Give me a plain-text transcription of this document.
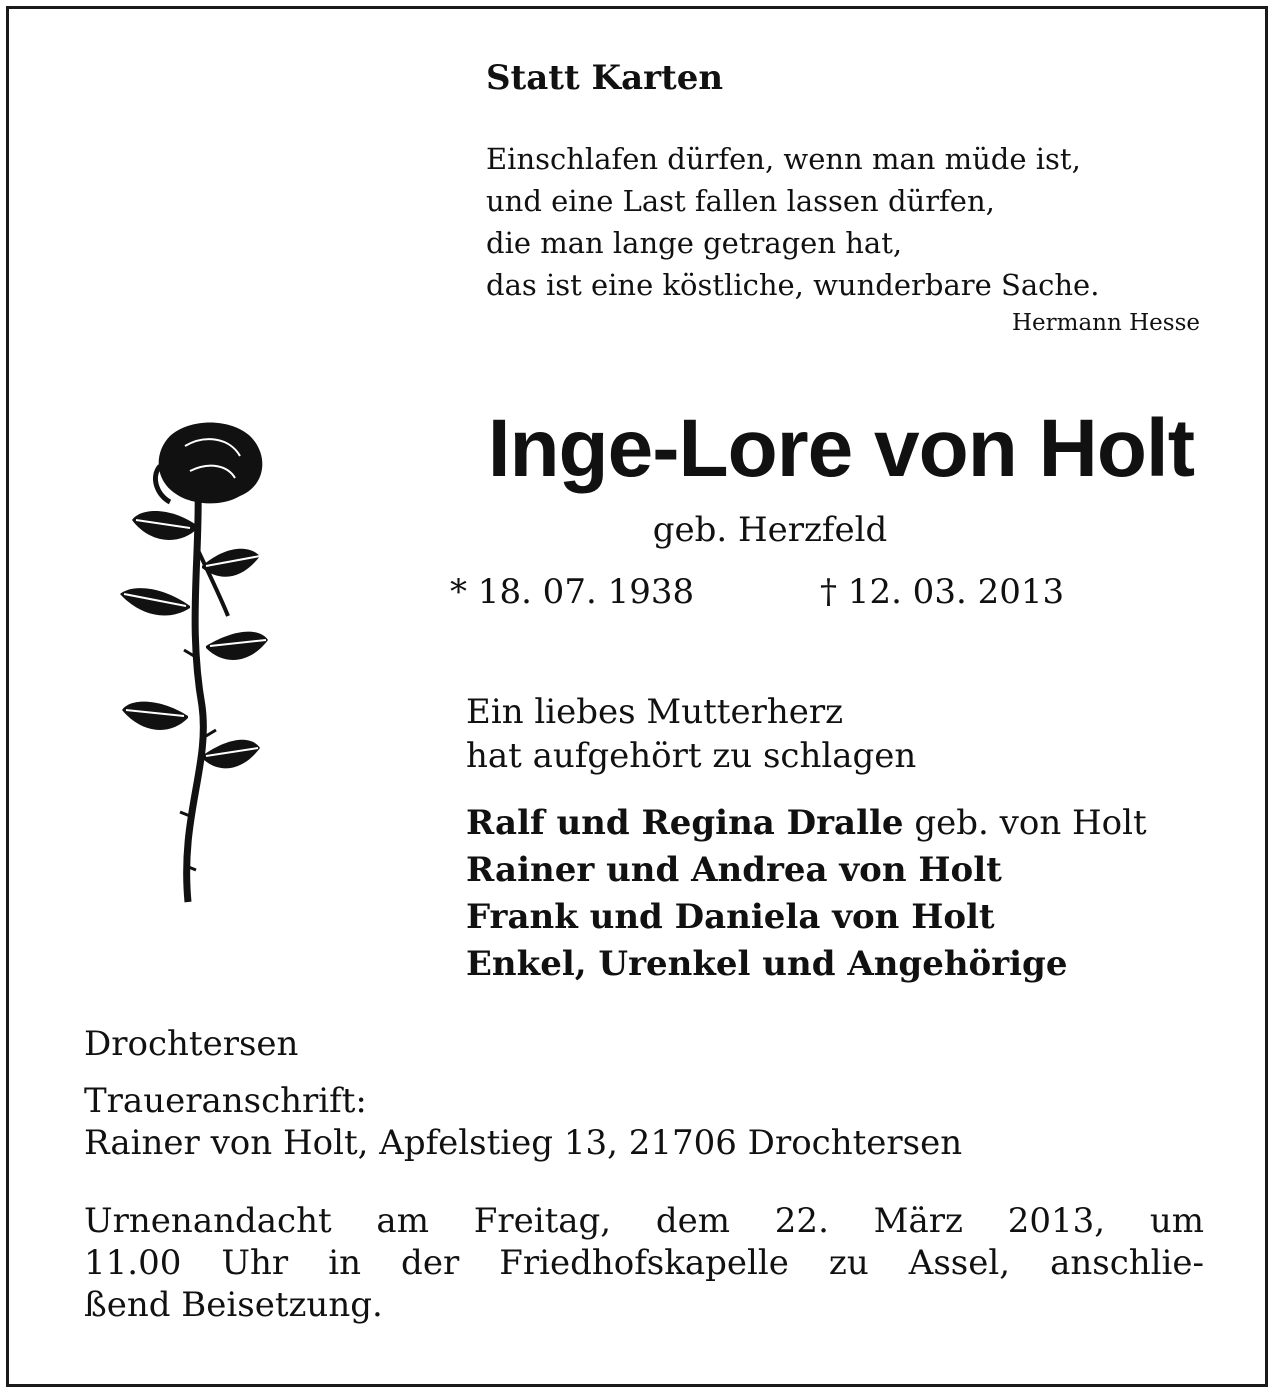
Statt Karten
Einschlafen dürfen, wenn man müde ist,
und eine Last fallen lassen dürfen,
die man lange getragen hat,
das ist eine köstliche, wunderbare Sache.
Hermann Hesse
Inge-Lore von Holt
geb. Herzfeld
* 18. 07. 1938	† 12. 03. 2013
Ein liebes Mutterherz
hat aufgehört zu schlagen
Ralf und Regina Dralle geb. von Holt
Rainer und Andrea von Holt
Frank und Daniela von Holt
Enkel, Urenkel und Angehörige
Drochtersen
Traueranschrift:
Rainer von Holt, Apfelstieg 13, 21706 Drochtersen
Urnenandacht am Freitag, dem 22. März 2013, um
11.00 Uhr in der Friedhofskapelle zu Assel, anschlie-
ßend Beisetzung.
